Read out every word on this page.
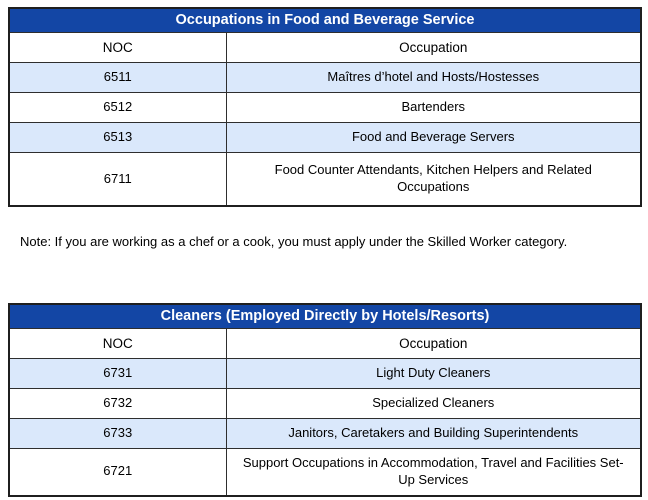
Occupations in Food and Beverage Service	
NOC	Occupation
6511	Maîtres d’hotel and Hosts/Hostesses
6512	Bartenders
6513	Food and Beverage Servers
6711	Food Counter Attendants, Kitchen Helpers and Related Occupations
Note: If you are working as a chef or a cook, you must apply under the Skilled Worker category.
Cleaners (Employed Directly by Hotels/Resorts)	
NOC	Occupation
6731	Light Duty Cleaners
6732	Specialized Cleaners
6733	Janitors, Caretakers and Building Superintendents
6721	Support Occupations in Accommodation, Travel and Facilities Set-Up Services
